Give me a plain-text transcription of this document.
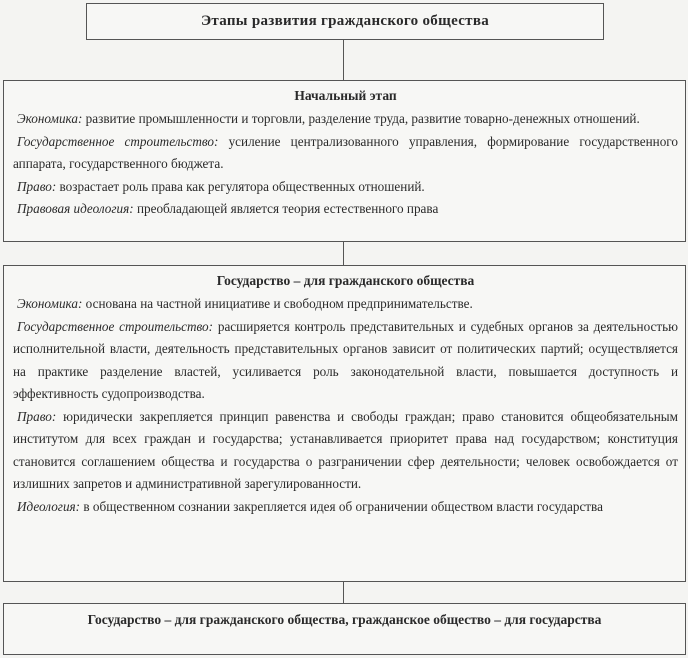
Этапы развития гражданского общества
Начальный этап

Экономика: развитие промышленности и торговли, разделение труда, развитие товарно-денежных отношений.

Государственное строительство: усиление централизованного управления, формирование государственного аппарата, государственного бюджета.

Право: возрастает роль права как регулятора общественных отношений.

Правовая идеология: преобладающей является теория естественного права

Государство – для гражданского общества

Экономика: основана на частной инициативе и свободном предпринимательстве.

Государственное строительство: расширяется контроль представительных и судебных органов за деятельностью исполнительной власти, деятельность представительных органов зависит от политических партий; осуществляется на практике разделение властей, усиливается роль законодательной власти, повышается доступность и эффективность судопроизводства.

Право: юридически закрепляется принцип равенства и свободы граждан; право становится общеобязательным институтом для всех граждан и государства; устанавливается приоритет права над государством; конституция становится соглашением общества и государства о разграничении сфер деятельности; человек освобождается от излишних запретов и административной зарегулированности.

Идеология: в общественном сознании закрепляется идея об ограничении обществом власти государства

Государство – для гражданского общества, гражданское общество – для государства
